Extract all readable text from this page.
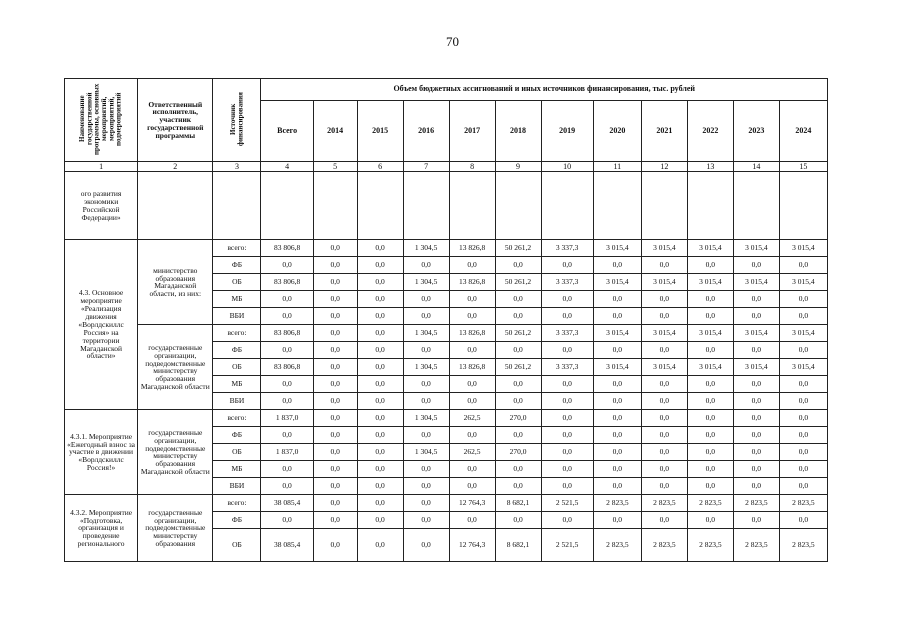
70
Наименование государственной программы, основных мероприятий, мероприятий, подмероприятий	Ответственный исполнитель, участник государственной программы	Источник финансирования	Объем бюджетных ассигнований и иных источников финансирования, тыс. рублей											
			Всего	2014	2015	2016	2017	2018	2019	2020	2021	2022	2023	2024
1	2	3	4	5	6	7	8	9	10	11	12	13	14	15
ого развития экономики Российской Федерации»														
4.3. Основное мероприятие «Реализация движения «Ворлдскиллс Россия» на территории Магаданской области»	министерство образования Магаданской области, из них:	всего:	83 806,8	0,0	0,0	1 304,5	13 826,8	50 261,2	3 337,3	3 015,4	3 015,4	3 015,4	3 015,4	3 015,4
		ФБ	0,0	0,0	0,0	0,0	0,0	0,0	0,0	0,0	0,0	0,0	0,0	0,0
		ОБ	83 806,8	0,0	0,0	1 304,5	13 826,8	50 261,2	3 337,3	3 015,4	3 015,4	3 015,4	3 015,4	3 015,4
		МБ	0,0	0,0	0,0	0,0	0,0	0,0	0,0	0,0	0,0	0,0	0,0	0,0
		ВБИ	0,0	0,0	0,0	0,0	0,0	0,0	0,0	0,0	0,0	0,0	0,0	0,0
	государственные организации, подведомственные министерству образования Магаданской области	всего:	83 806,8	0,0	0,0	1 304,5	13 826,8	50 261,2	3 337,3	3 015,4	3 015,4	3 015,4	3 015,4	3 015,4
		ФБ	0,0	0,0	0,0	0,0	0,0	0,0	0,0	0,0	0,0	0,0	0,0	0,0
		ОБ	83 806,8	0,0	0,0	1 304,5	13 826,8	50 261,2	3 337,3	3 015,4	3 015,4	3 015,4	3 015,4	3 015,4
		МБ	0,0	0,0	0,0	0,0	0,0	0,0	0,0	0,0	0,0	0,0	0,0	0,0
		ВБИ	0,0	0,0	0,0	0,0	0,0	0,0	0,0	0,0	0,0	0,0	0,0	0,0
4.3.1. Мероприятие «Ежегодный взнос за участие в движении «Ворлдскиллс Россия!»	государственные организации, подведомственные министерству образования Магаданской области	всего:	1 837,0	0,0	0,0	1 304,5	262,5	270,0	0,0	0,0	0,0	0,0	0,0	0,0
		ФБ	0,0	0,0	0,0	0,0	0,0	0,0	0,0	0,0	0,0	0,0	0,0	0,0
		ОБ	1 837,0	0,0	0,0	1 304,5	262,5	270,0	0,0	0,0	0,0	0,0	0,0	0,0
		МБ	0,0	0,0	0,0	0,0	0,0	0,0	0,0	0,0	0,0	0,0	0,0	0,0
		ВБИ	0,0	0,0	0,0	0,0	0,0	0,0	0,0	0,0	0,0	0,0	0,0	0,0
4.3.2. Мероприятие «Подготовка, организация и проведение регионального	государственные организации, подведомственные министерству образования	всего:	38 085,4	0,0	0,0	0,0	12 764,3	8 682,1	2 521,5	2 823,5	2 823,5	2 823,5	2 823,5	2 823,5
		ФБ	0,0	0,0	0,0	0,0	0,0	0,0	0,0	0,0	0,0	0,0	0,0	0,0
		ОБ	38 085,4	0,0	0,0	0,0	12 764,3	8 682,1	2 521,5	2 823,5	2 823,5	2 823,5	2 823,5	2 823,5
